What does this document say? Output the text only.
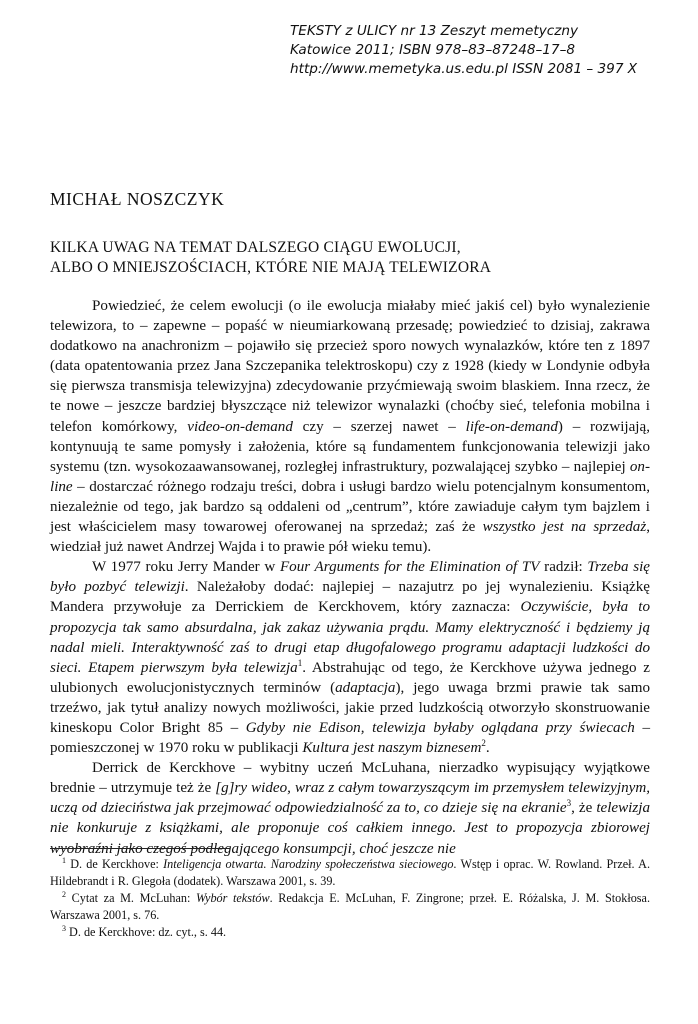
TEKSTY z ULICY nr 13 Zeszyt memetyczny
Katowice 2011; ISBN 978–83–87248–17–8
http://www.memetyka.us.edu.pl ISSN 2081 – 397 X
MICHAŁ NOSZCZYK
KILKA UWAG NA TEMAT DALSZEGO CIĄGU EWOLUCJI,
ALBO O MNIEJSZOŚCIACH, KTÓRE NIE MAJĄ TELEWIZORA

Powiedzieć, że celem ewolucji (o ile ewolucja miałaby mieć jakiś cel) było wynalezienie telewizora, to – zapewne – popaść w nieumiarkowaną przesadę; powiedzieć to dzisiaj, zakrawa dodatkowo na anachronizm – pojawiło się przecież sporo nowych wynalazków, które ten z 1897 (data opatentowania przez Jana Szczepanika telektroskopu) czy z 1928 (kiedy w Londynie odbyła się pierwsza transmisja telewizyjna) zdecydowanie przyćmiewają swoim blaskiem. Inna rzecz, że te nowe – jeszcze bardziej błyszczące niż telewizor wynalazki (choćby sieć, telefonia mobilna i telefon komórkowy, video-on-demand czy – szerzej nawet – life-on-demand) – rozwijają, kontynuują te same pomysły i założenia, które są fundamentem funkcjonowania telewizji jako systemu (tzn. wysokozaawansowanej, rozległej infrastruktury, pozwalającej szybko – najlepiej on-line – dostarczać różnego rodzaju treści, dobra i usługi bardzo wielu potencjalnym konsumentom, niezależnie od tego, jak bardzo są oddaleni od „centrum”, które zawiaduje całym tym bajzlem i jest właścicielem masy towarowej oferowanej na sprzedaż; zaś że wszystko jest na sprzedaż, wiedział już nawet Andrzej Wajda i to prawie pół wieku temu).

W 1977 roku Jerry Mander w Four Arguments for the Elimination of TV radził: Trzeba się było pozbyć telewizji. Należałoby dodać: najlepiej – nazajutrz po jej wynalezieniu. Książkę Mandera przywołuje za Derrickiem de Kerckhovem, który zaznacza: Oczywiście, była to propozycja tak samo absurdalna, jak zakaz używania prądu. Mamy elektryczność i będziemy ją nadal mieli. Interaktywność zaś to drugi etap długofalowego programu adaptacji ludzkości do sieci. Etapem pierwszym była telewizja$^1$. Abstrahując od tego, że Kerckhove używa jednego z ulubionych ewolucjonistycznych terminów (adaptacja), jego uwaga brzmi prawie tak samo trzeźwo, jak tytuł analizy nowych możliwości, jakie przed ludzkością otworzyło skonstruowanie kineskopu Color Bright 85 – Gdyby nie Edison, telewizja byłaby oglądana przy świecach – pomieszczonej w 1970 roku w publikacji Kultura jest naszym biznesem$^2$.

Derrick de Kerckhove – wybitny uczeń McLuhana, nierzadko wypisujący wyjątkowe brednie – utrzymuje też że [g]ry wideo, wraz z całym towarzyszącym im przemysłem telewizyjnym, uczą od dzieciństwa jak przejmować odpowiedzialność za to, co dzieje się na ekranie$^3$, że telewizja nie konkuruje z książkami, ale proponuje coś całkiem innego. Jest to propozycja zbiorowej wyobraźni jako czegoś podlegającego konsumpcji, choć jeszcze nie

$^1$ D. de Kerckhove: Inteligencja otwarta. Narodziny społeczeństwa sieciowego. Wstęp i oprac. W. Rowland. Przeł. A. Hildebrandt i R. Glegoła (dodatek). Warszawa 2001, s. 39.

$^2$ Cytat za M. McLuhan: Wybór tekstów. Redakcja E. McLuhan, F. Zingrone; przeł. E. Różalska, J. M. Stokłosa. Warszawa 2001, s. 76.

$^3$ D. de Kerckhove: dz. cyt., s. 44.
